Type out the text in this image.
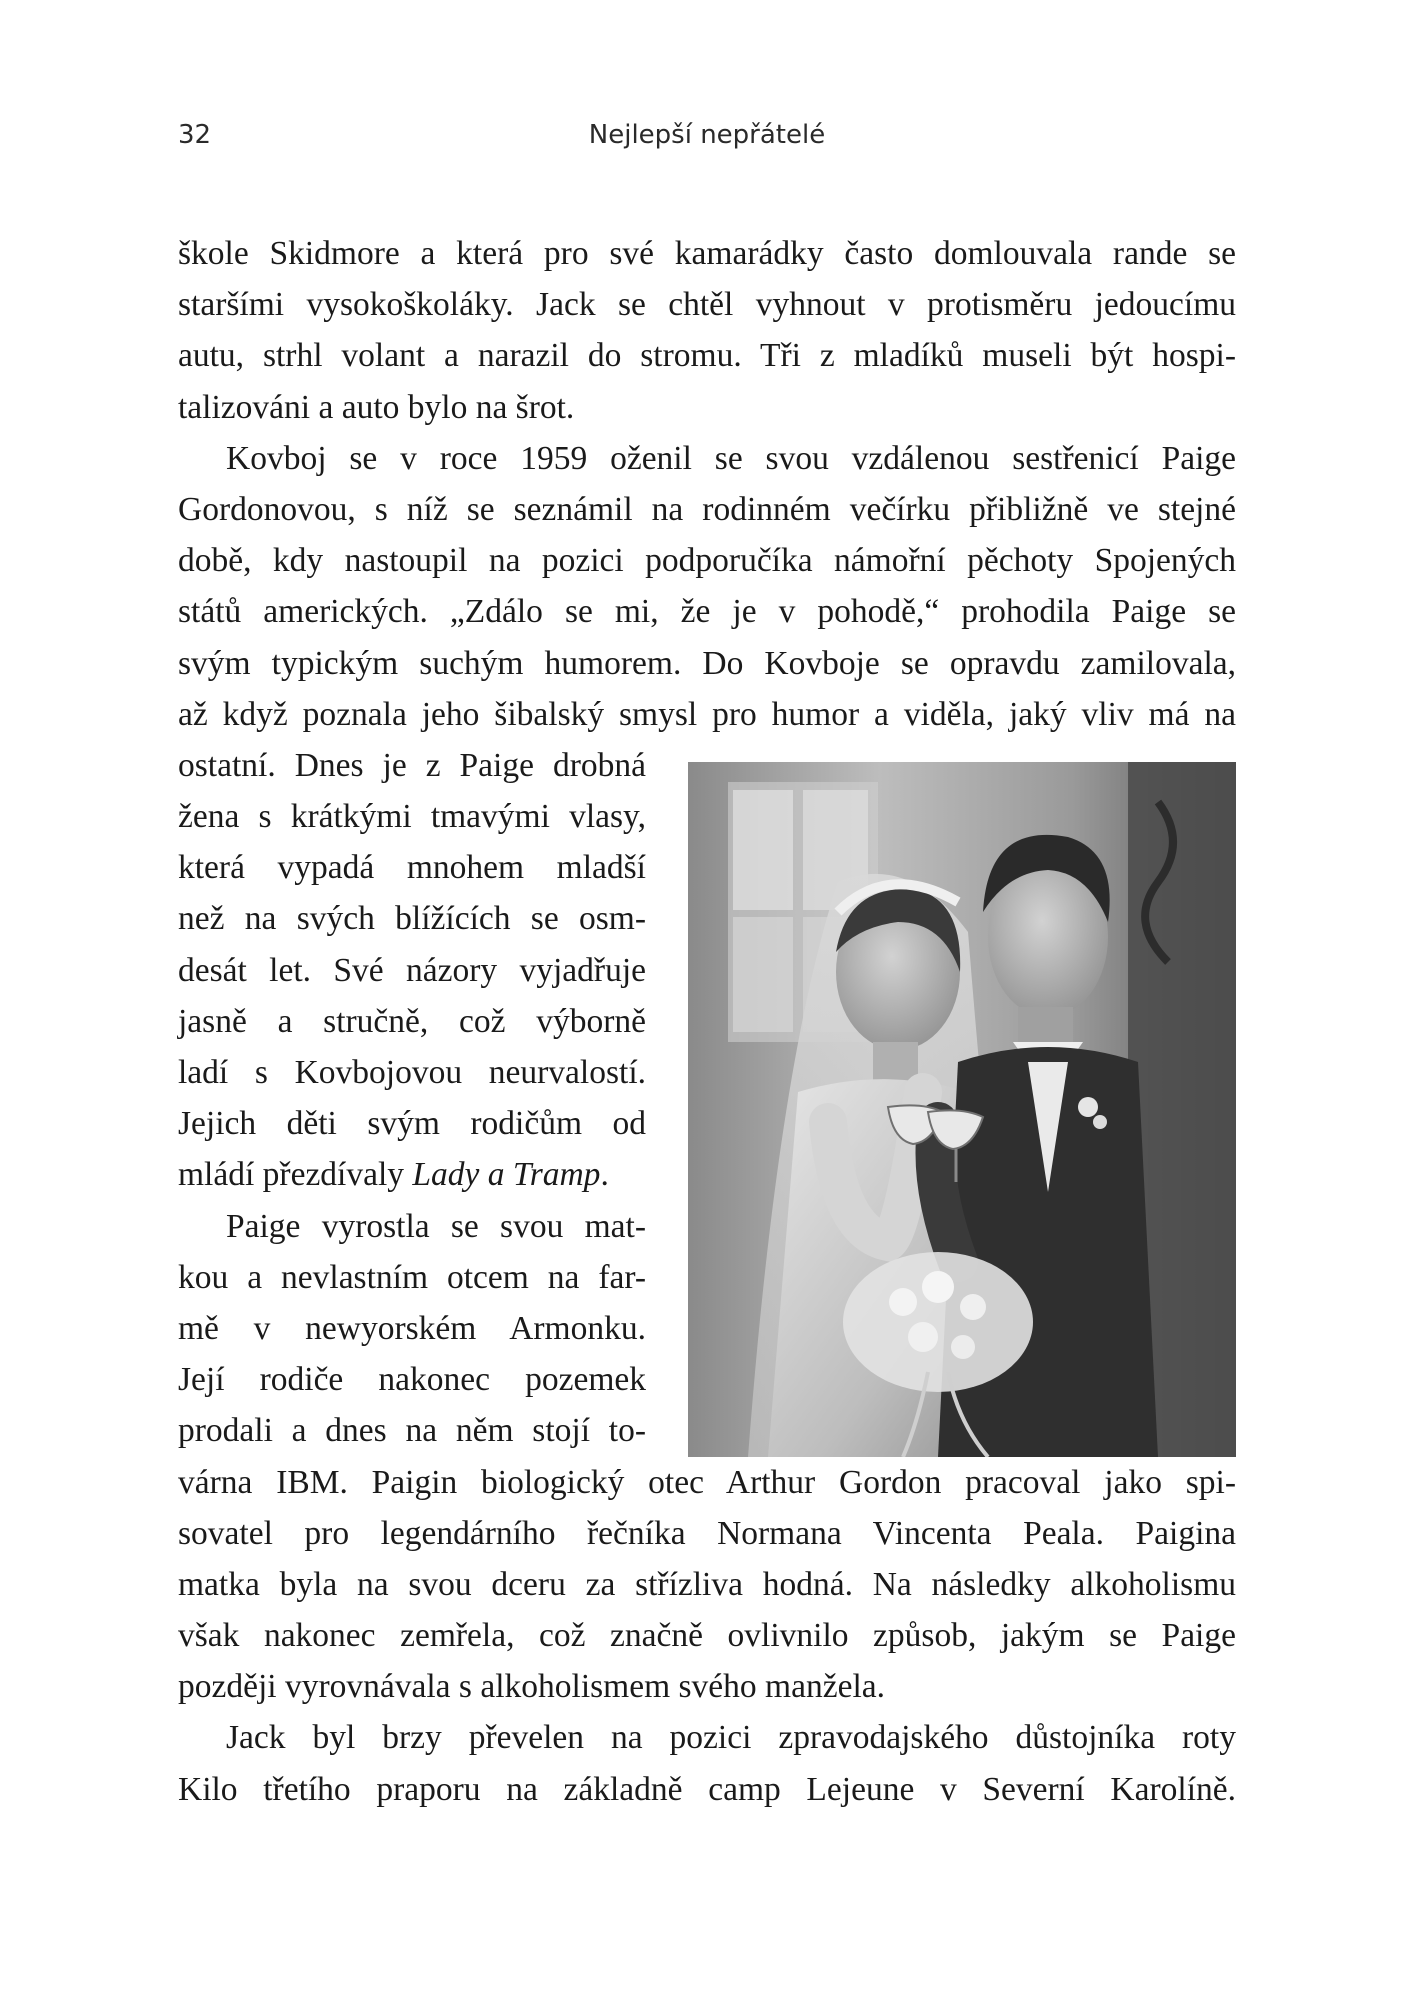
32	Nejlepší nepřátelé
škole Skidmore a která pro své kamarádky často domlouvala rande se
staršími vysokoškoláky. Jack se chtěl vyhnout v protisměru jedoucímu
autu, strhl volant a narazil do stromu. Tři z mladíků museli být hospi-
talizováni a auto bylo na šrot.
Kovboj se v roce 1959 oženil se svou vzdálenou sestřenicí Paige
Gordonovou, s níž se seznámil na rodinném večírku přibližně ve stejné
době, kdy nastoupil na pozici podporučíka námořní pěchoty Spojených
států amerických. „Zdálo se mi, že je v pohodě,“ prohodila Paige se
svým typickým suchým humorem. Do Kovboje se opravdu zamilovala,
až když poznala jeho šibalský smysl pro humor a viděla, jaký vliv má na
ostatní. Dnes je z Paige drobná
žena s krátkými tmavými vlasy,
která vypadá mnohem mladší
než na svých blížících se osm-
desát let. Své názory vyjadřuje
jasně a stručně, což výborně
ladí s Kovbojovou neurvalostí.
Jejich děti svým rodičům od
mládí přezdívaly Lady a Tramp.
Paige vyrostla se svou mat-
kou a nevlastním otcem na far-
mě v newyorském Armonku.
Její rodiče nakonec pozemek
prodali a dnes na něm stojí to-
várna IBM. Paigin biologický otec Arthur Gordon pracoval jako spi-
sovatel pro legendárního řečníka Normana Vincenta Peala. Paigina
matka byla na svou dceru za střízliva hodná. Na následky alkoholismu
však nakonec zemřela, což značně ovlivnilo způsob, jakým se Paige
později vyrovnávala s alkoholismem svého manžela.
Jack byl brzy převelen na pozici zpravodajského důstojníka roty
Kilo třetího praporu na základně camp Lejeune v Severní Karolíně.
